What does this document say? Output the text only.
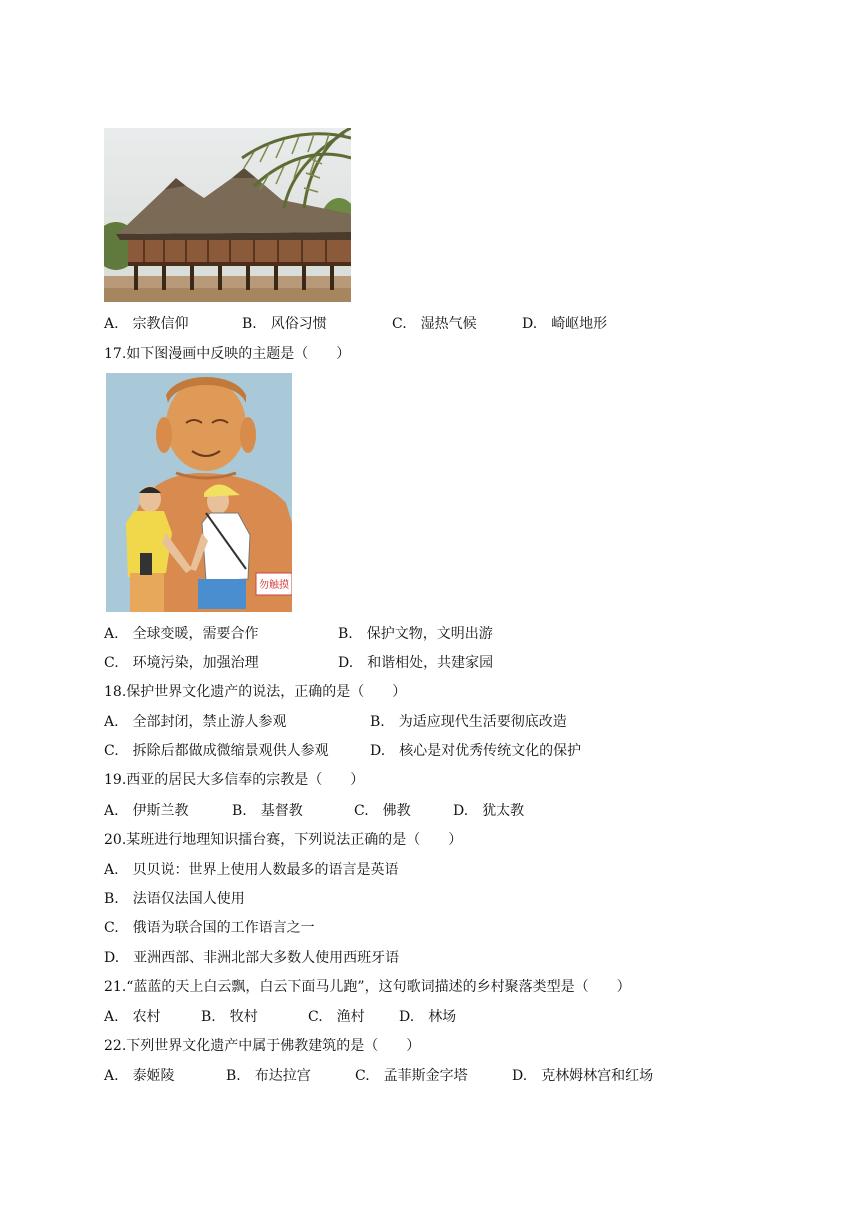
A. 宗教信仰	B. 风俗习惯	C. 湿热气候	D. 崎岖地形
17.如下图漫画中反映的主题是（　　）
勿触摸
A. 全球变暖，需要合作	B. 保护文物，文明出游
C. 环境污染，加强治理	D. 和谐相处，共建家园
18.保护世界文化遗产的说法，正确的是（　　）
A. 全部封闭，禁止游人参观	B. 为适应现代生活要彻底改造
C. 拆除后都做成微缩景观供人参观	D. 核心是对优秀传统文化的保护
19.西亚的居民大多信奉的宗教是（　　）
A. 伊斯兰教	B. 基督教	C. 佛教	D. 犹太教
20.某班进行地理知识擂台赛，下列说法正确的是（　　）
A. 贝贝说：世界上使用人数最多的语言是英语
B. 法语仅法国人使用
C. 俄语为联合国的工作语言之一
D. 亚洲西部、非洲北部大多数人使用西班牙语
21.“蓝蓝的天上白云飘，白云下面马儿跑”，这句歌词描述的乡村聚落类型是（　　）
A. 农村	B. 牧村	C. 渔村 D. 林场
22.下列世界文化遗产中属于佛教建筑的是（　　）
A. 泰姬陵	B. 布达拉宫	C. 孟菲斯金字塔	D. 克林姆林宫和红场
